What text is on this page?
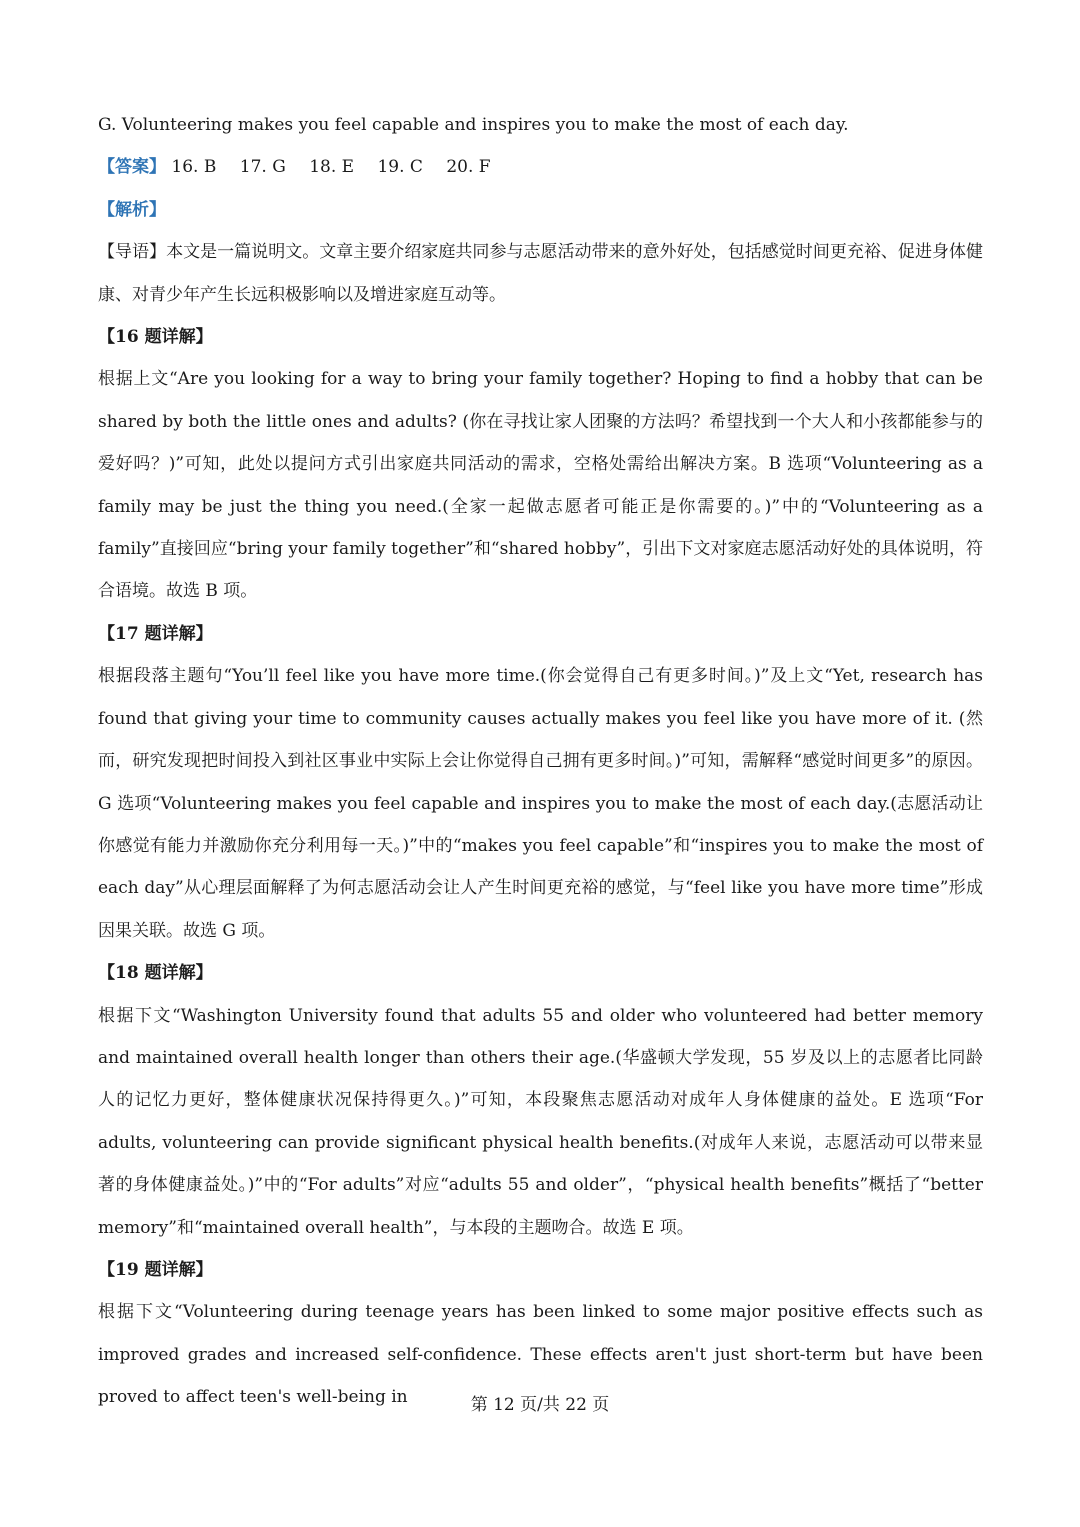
G. Volunteering makes you feel capable and inspires you to make the most of each day.

【答案】 16. B 17. G 18. E 19. C 20. F

【解析】

【导语】本文是一篇说明文。文章主要介绍家庭共同参与志愿活动带来的意外好处，包括感觉时间更充裕、促进身体健康、对青少年产生长远积极影响以及增进家庭互动等。

【16 题详解】

根据上文“Are you looking for a way to bring your family together? Hoping to find a hobby that can be shared by both the little ones and adults? (你在寻找让家人团聚的方法吗？希望找到一个大人和小孩都能参与的爱好吗？)”可知，此处以提问方式引出家庭共同活动的需求，空格处需给出解决方案。B 选项“Volunteering as a family may be just the thing you need.(全家一起做志愿者可能正是你需要的。)”中的“Volunteering as a family”直接回应“bring your family together”和“shared hobby”，引出下文对家庭志愿活动好处的具体说明，符合语境。故选 B 项。

【17 题详解】

根据段落主题句“You’ll feel like you have more time.(你会觉得自己有更多时间。)”及上文“Yet, research has found that giving your time to community causes actually makes you feel like you have more of it. (然而，研究发现把时间投入到社区事业中实际上会让你觉得自己拥有更多时间。)”可知，需解释“感觉时间更多”的原因。G 选项“Volunteering makes you feel capable and inspires you to make the most of each day.(志愿活动让你感觉有能力并激励你充分利用每一天。)”中的“makes you feel capable”和“inspires you to make the most of each day”从心理层面解释了为何志愿活动会让人产生时间更充裕的感觉，与“feel like you have more time”形成因果关联。故选 G 项。

【18 题详解】

根据下文“Washington University found that adults 55 and older who volunteered had better memory and maintained overall health longer than others their age.(华盛顿大学发现，55 岁及以上的志愿者比同龄人的记忆力更好，整体健康状况保持得更久。)”可知，本段聚焦志愿活动对成年人身体健康的益处。E 选项“For adults, volunteering can provide significant physical health benefits.(对成年人来说，志愿活动可以带来显著的身体健康益处。)”中的“For adults”对应“adults 55 and older”，“physical health benefits”概括了“better memory”和“maintained overall health”，与本段的主题吻合。故选 E 项。

【19 题详解】

根据下文“Volunteering during teenage years has been linked to some major positive effects such as improved grades and increased self-confidence. These effects aren't just short-term but have been proved to affect teen's well-being in	第 12 页/共 22 页
